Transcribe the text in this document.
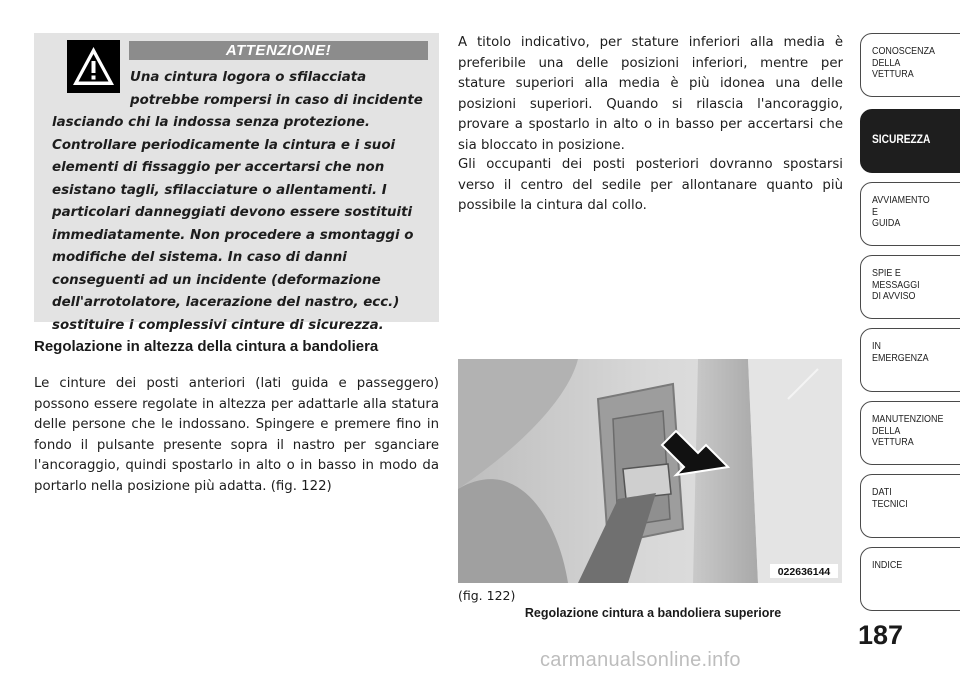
ATTENZIONE!

Una cintura logora o sfilacciata potrebbe rompersi in caso di incidente lasciando chi la indossa senza protezione. Controllare periodicamente la cintura e i suoi elementi di fissaggio per accertarsi che non esistano tagli, sfilacciature o allentamenti. I particolari danneggiati devono essere sostituiti immediatamente. Non procedere a smontaggi o modifiche del sistema. In caso di danni conseguenti ad un incidente (deformazione dell'arrotolatore, lacerazione del nastro, ecc.) sostituire i complessivi cinture di sicurezza.

Regolazione in altezza della cintura a bandoliera

Le cinture dei posti anteriori (lati guida e passeggero) possono essere regolate in altezza per adattarle alla statura delle persone che le indossano. Spingere e premere fino in fondo il pulsante presente sopra il nastro per sganciare l'ancoraggio, quindi spostarlo in alto o in basso in modo da portarlo nella posizione più adatta. (fig. 122)

A titolo indicativo, per stature inferiori alla media è preferibile una delle posizioni inferiori, mentre per stature superiori alla media è più idonea una delle posizioni superiori. Quando si rilascia l'ancoraggio, provare a spostarlo in alto o in basso per accertarsi che sia bloccato in posizione.

Gli occupanti dei posti posteriori dovranno spostarsi verso il centro del sedile per allontanare quanto più possibile la cintura dal collo.

022636144

(fig. 122)

Regolazione cintura a bandoliera superiore

CONOSCENZA
DELLA
VETTURA
SICUREZZA
AVVIAMENTO
E
GUIDA
SPIE E
MESSAGGI
DI AVVISO
IN
EMERGENZA
MANUTENZIONE
DELLA
VETTURA
DATI
TECNICI
INDICE

187

carmanualsonline.info
